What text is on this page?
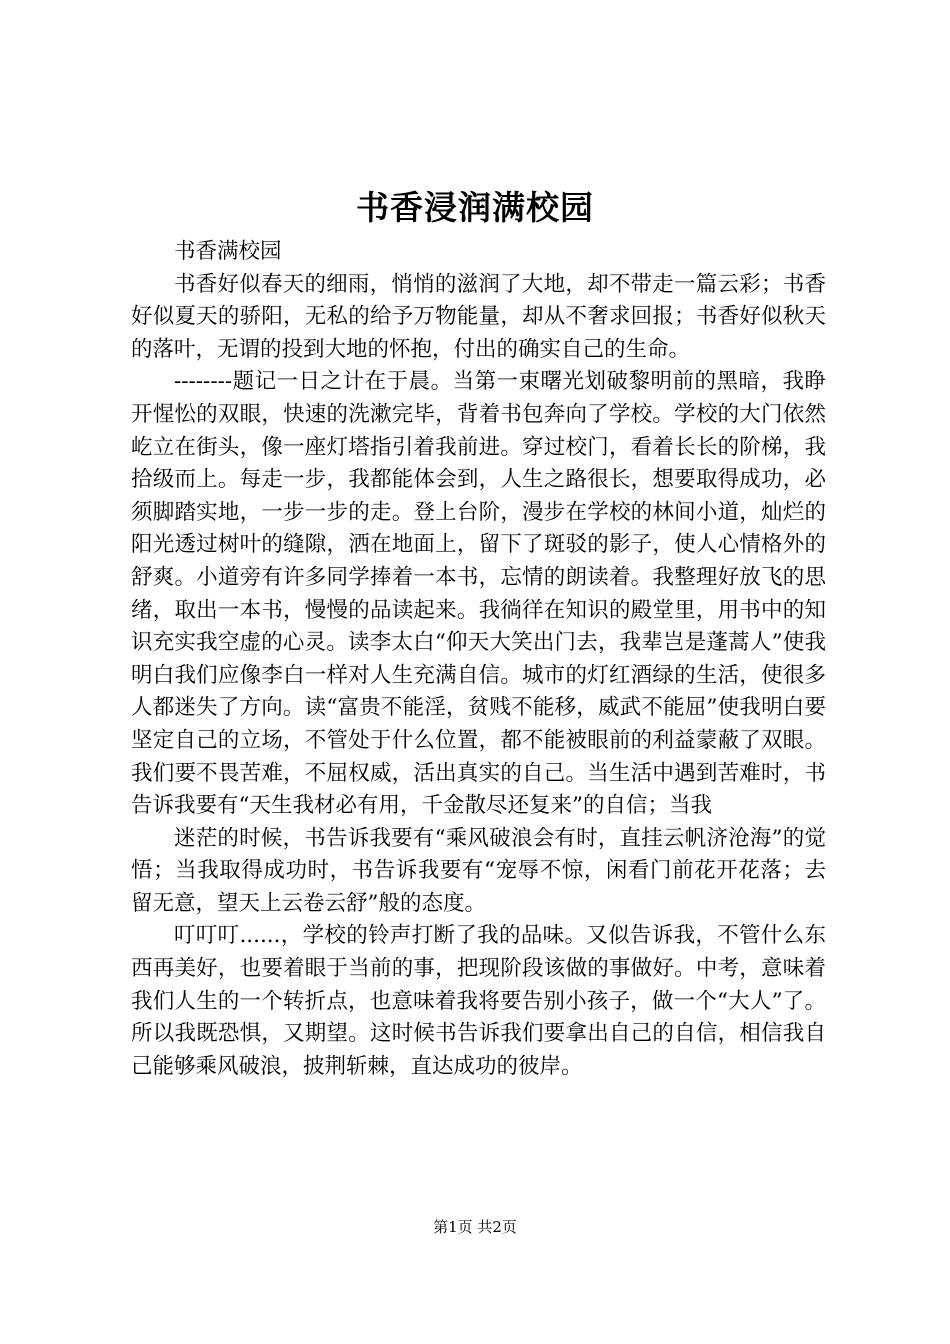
书香浸润满校园

书香满校园

书香好似春天的细雨，悄悄的滋润了大地，却不带走一篇云彩；书香好似夏天的骄阳，无私的给予万物能量，却从不奢求回报；书香好似秋天的落叶，无谓的投到大地的怀抱，付出的确实自己的生命。

--------题记一日之计在于晨。当第一束曙光划破黎明前的黑暗，我睁开惺忪的双眼，快速的洗漱完毕，背着书包奔向了学校。学校的大门依然屹立在街头，像一座灯塔指引着我前进。穿过校门，看着长长的阶梯，我拾级而上。每走一步，我都能体会到，人生之路很长，想要取得成功，必须脚踏实地，一步一步的走。登上台阶，漫步在学校的林间小道，灿烂的阳光透过树叶的缝隙，洒在地面上，留下了斑驳的影子，使人心情格外的舒爽。小道旁有许多同学捧着一本书，忘情的朗读着。我整理好放飞的思绪，取出一本书，慢慢的品读起来。我徜徉在知识的殿堂里，用书中的知识充实我空虚的心灵。读李太白“仰天大笑出门去，我辈岂是蓬蒿人”使我明白我们应像李白一样对人生充满自信。城市的灯红酒绿的生活，使很多人都迷失了方向。读“富贵不能淫，贫贱不能移，威武不能屈”使我明白要坚定自己的立场，不管处于什么位置，都不能被眼前的利益蒙蔽了双眼。我们要不畏苦难，不屈权威，活出真实的自己。当生活中遇到苦难时，书告诉我要有“天生我材必有用，千金散尽还复来”的自信；当我

迷茫的时候，书告诉我要有“乘风破浪会有时，直挂云帆济沧海”的觉悟；当我取得成功时，书告诉我要有“宠辱不惊，闲看门前花开花落；去留无意，望天上云卷云舒”般的态度。

叮叮叮......，学校的铃声打断了我的品味。又似告诉我，不管什么东西再美好，也要着眼于当前的事，把现阶段该做的事做好。中考，意味着我们人生的一个转折点，也意味着我将要告别小孩子，做一个“大人”了。所以我既恐惧，又期望。这时候书告诉我们要拿出自己的自信，相信我自己能够乘风破浪，披荆斩棘，直达成功的彼岸。

第1页 共2页
